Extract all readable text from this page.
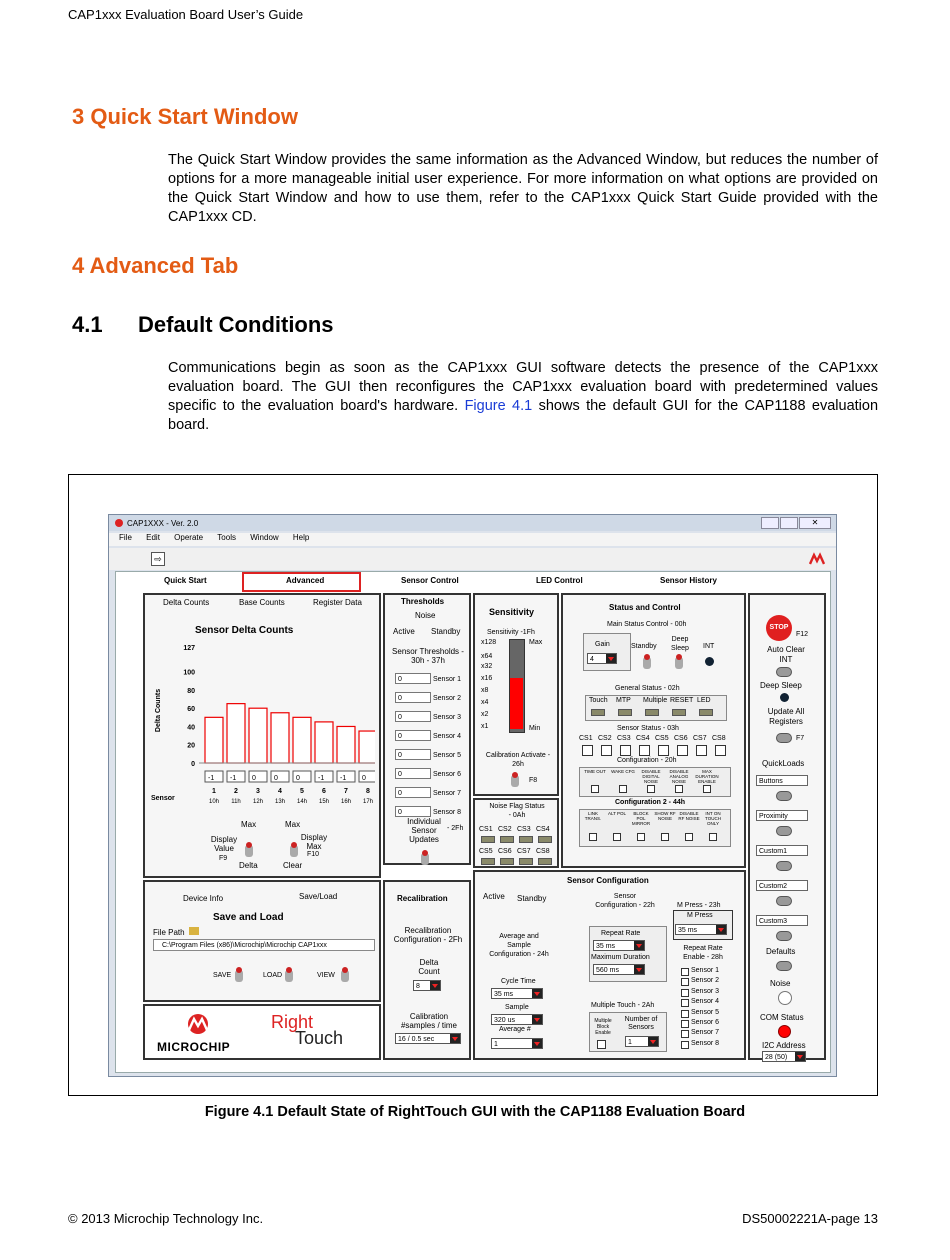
CAP1xxx Evaluation Board User’s Guide
3 Quick Start Window
The Quick Start Window provides the same information as the Advanced Window, but reduces the number of options for a more manageable initial user experience. For more information on what options are provided on the Quick Start Window and how to use them, refer to the CAP1xxx Quick Start Guide provided with the CAP1xxx CD.
4 Advanced Tab
4.1 Default Conditions
Communications begin as soon as the CAP1xxx GUI software detects the presence of the CAP1xxx evaluation board. The GUI then reconfigures the CAP1xxx evaluation board with predetermined values specific to the evaluation board's hardware. Figure 4.1 shows the default GUI for the CAP1188 evaluation board.
CAP1XXX - Ver. 2.0	✕
File Edit Operate Tools Window Help
⇨
Quick Start	Advanced	Sensor Control	LED Control	Sensor History
Delta Counts	Base Counts	Register Data
Sensor Delta Counts
Delta Counts
127
100
80
60
40
20
0
-1
1
10h
-1
2
11h
0
3
12h
0
4
13h
0
5
14h
-1
6
15h
-1
7
16h
0
8
17h
Sensor
Max	Max
Display Value
F9
Delta
Display Max
F10
Clear
Device Info	Save/Load
Save and Load
File Path
C:\Program Files (x86)\Microchip\Microchip CAP1xxx
SAVE	LOAD	VIEW
MICROCHIP
Right
Touch
Thresholds
Noise
Active Standby
Sensor Thresholds - 30h - 37h
0	Sensor 1
0	Sensor 2
0	Sensor 3
0	Sensor 4
0	Sensor 5
0	Sensor 6
0	Sensor 7
0	Sensor 8
Individual Sensor Updates
- 2Fh
Recalibration
Recalibration Configuration - 2Fh
Delta Count
8
Calibration #samples / time
16 / 0.5 sec
Sensitivity
Sensitivity -1Fh
Max
Min
x128
x64
x32
x16
x8
x4
x2
x1
Calibration Activate - 26h
F8
Noise Flag Status - 0Ah
CS1 CS2 CS3 CS4
CS5 CS6 CS7 CS8
Status and Control
Main Status Control - 00h
Gain
4
Standby
Deep Sleep	INT
General Status - 02h
Touch MTP Multiple RESET LED
Sensor Status - 03h
CS1 CS2 CS3 CS4 CS5 CS6 CS7 CS8
Configuration - 20h
TIME OUT	WAKE CFG	DISABLE DIGITAL NOISE
DISABLE ANALOG NOISE
MAX DURATION ENABLE
Configuration 2 - 44h
LINK TRANS.
ALT POL	BLOCK POL MIRROR
SHOW RF NOISE
DISABLE RF NOISE
INT ON TOUCH ONLY
Sensor Configuration
Active Standby
Average and Sample Configuration - 24h
Cycle Time
35 ms
Sample
320 us
Average #
1
Sensor Configuration - 22h
Repeat Rate
35 ms
Maximum Duration
560 ms
Multiple Touch - 2Ah
Multiple Block Enable
Number of Sensors
1
M Press - 23h
M Press
35 ms
Repeat Rate Enable - 28h
Sensor 1
Sensor 2
Sensor 3
Sensor 4
Sensor 5
Sensor 6
Sensor 7
Sensor 8
STOP
F12
Auto Clear INT
Deep Sleep
Update All Registers
F7
QuickLoads
Buttons
Proximity
Custom1
Custom2
Custom3
Defaults
Noise
COM Status
I2C Address
28 (50)
Figure 4.1 Default State of RightTouch GUI with the CAP1188 Evaluation Board
© 2013 Microchip Technology Inc.	DS50002221A-page 13
